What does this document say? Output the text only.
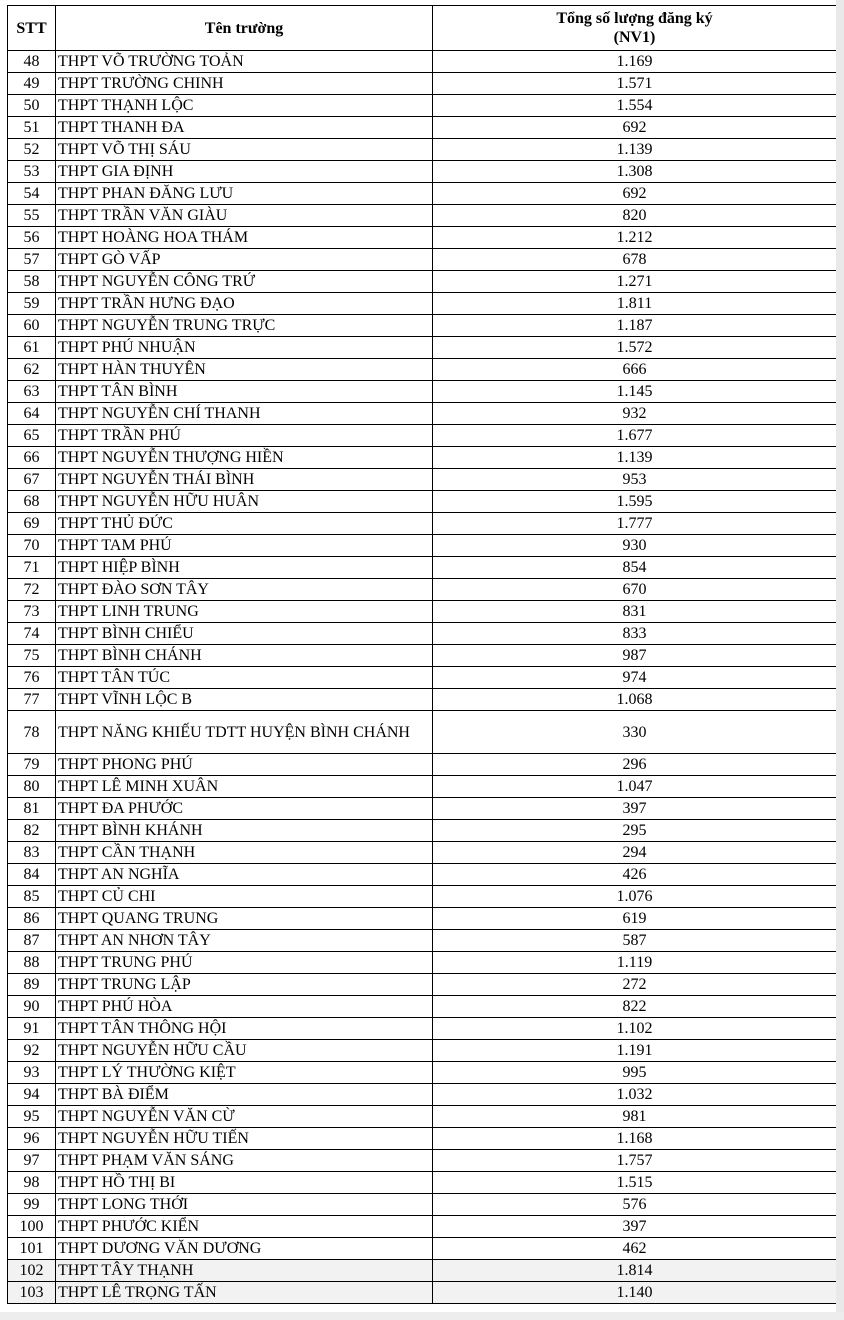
STT	Tên trường	Tổng số lượng đăng ký
(NV1)

48	THPT VÕ TRƯỜNG TOẢN	1.169
49	THPT TRƯỜNG CHINH	1.571
50	THPT THẠNH LỘC	1.554
51	THPT THANH ĐA	692
52	THPT VÕ THỊ SÁU	1.139
53	THPT GIA ĐỊNH	1.308
54	THPT PHAN ĐĂNG LƯU	692
55	THPT TRẦN VĂN GIÀU	820
56	THPT HOÀNG HOA THÁM	1.212
57	THPT GÒ VẤP	678
58	THPT NGUYỄN CÔNG TRỨ	1.271
59	THPT TRẦN HƯNG ĐẠO	1.811
60	THPT NGUYỄN TRUNG TRỰC	1.187
61	THPT PHÚ NHUẬN	1.572
62	THPT HÀN THUYÊN	666
63	THPT TÂN BÌNH	1.145
64	THPT NGUYỄN CHÍ THANH	932
65	THPT TRẦN PHÚ	1.677
66	THPT NGUYỄN THƯỢNG HIỀN	1.139
67	THPT NGUYỄN THÁI BÌNH	953
68	THPT NGUYỄN HỮU HUÂN	1.595
69	THPT THỦ ĐỨC	1.777
70	THPT TAM PHÚ	930
71	THPT HIỆP BÌNH	854
72	THPT ĐÀO SƠN TÂY	670
73	THPT LINH TRUNG	831
74	THPT BÌNH CHIỂU	833
75	THPT BÌNH CHÁNH	987
76	THPT TÂN TÚC	974
77	THPT VĨNH LỘC B	1.068
78	THPT NĂNG KHIẾU TDTT HUYỆN BÌNH CHÁNH	330
79	THPT PHONG PHÚ	296
80	THPT LÊ MINH XUÂN	1.047
81	THPT ĐA PHƯỚC	397
82	THPT BÌNH KHÁNH	295
83	THPT CẦN THẠNH	294
84	THPT AN NGHĨA	426
85	THPT CỦ CHI	1.076
86	THPT QUANG TRUNG	619
87	THPT AN NHƠN TÂY	587
88	THPT TRUNG PHÚ	1.119
89	THPT TRUNG LẬP	272
90	THPT PHÚ HÒA	822
91	THPT TÂN THÔNG HỘI	1.102
92	THPT NGUYỄN HỮU CẦU	1.191
93	THPT LÝ THƯỜNG KIỆT	995
94	THPT BÀ ĐIỂM	1.032
95	THPT NGUYỄN VĂN CỪ	981
96	THPT NGUYỄN HỮU TIẾN	1.168
97	THPT PHẠM VĂN SÁNG	1.757
98	THPT HỒ THỊ BI	1.515
99	THPT LONG THỚI	576
100	THPT PHƯỚC KIỂN	397
101	THPT DƯƠNG VĂN DƯƠNG	462
102	THPT TÂY THẠNH	1.814
103	THPT LÊ TRỌNG TẤN	1.140
